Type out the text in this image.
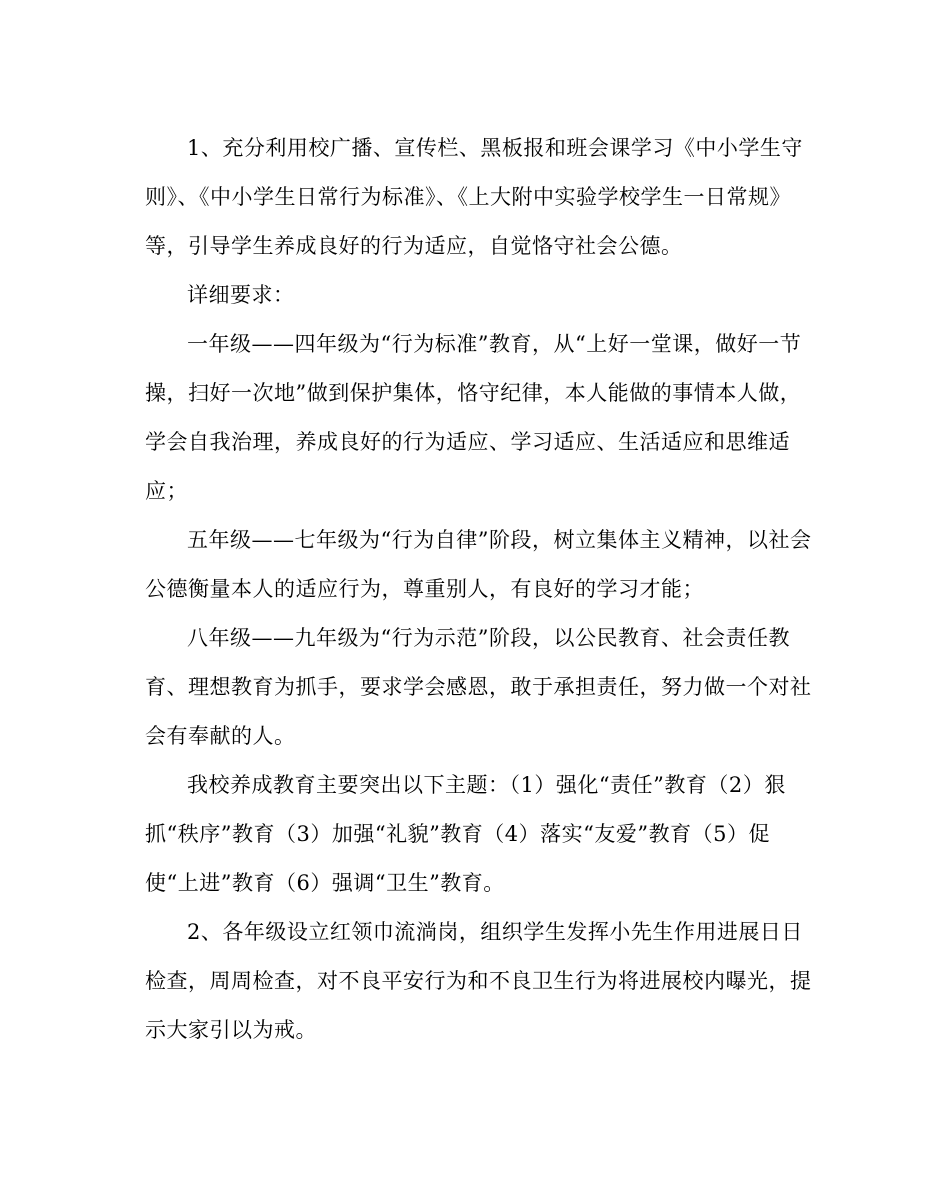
1、充分利用校广播、宣传栏、黑板报和班会课学习《中小学生守则》、《中小学生日常行为标准》、《上大附中实验学校学生一日常规》等，引导学生养成良好的行为适应，自觉恪守社会公德。

详细要求：

一年级——四年级为“行为标准”教育，从“上好一堂课，做好一节操，扫好一次地”做到保护集体，恪守纪律，本人能做的事情本人做，学会自我治理，养成良好的行为适应、学习适应、生活适应和思维适应；

五年级——七年级为“行为自律”阶段，树立集体主义精神，以社会公德衡量本人的适应行为，尊重别人，有良好的学习才能；

八年级——九年级为“行为示范”阶段，以公民教育、社会责任教育、理想教育为抓手，要求学会感恩，敢于承担责任，努力做一个对社会有奉献的人。

我校养成教育主要突出以下主题：（1）强化“责任”教育（2）狠抓“秩序”教育（3）加强“礼貌”教育（4）落实“友爱”教育（5）促使“上进”教育（6）强调“卫生”教育。

2、各年级设立红领巾流淌岗，组织学生发挥小先生作用进展日日检查，周周检查，对不良平安行为和不良卫生行为将进展校内曝光，提示大家引以为戒。
